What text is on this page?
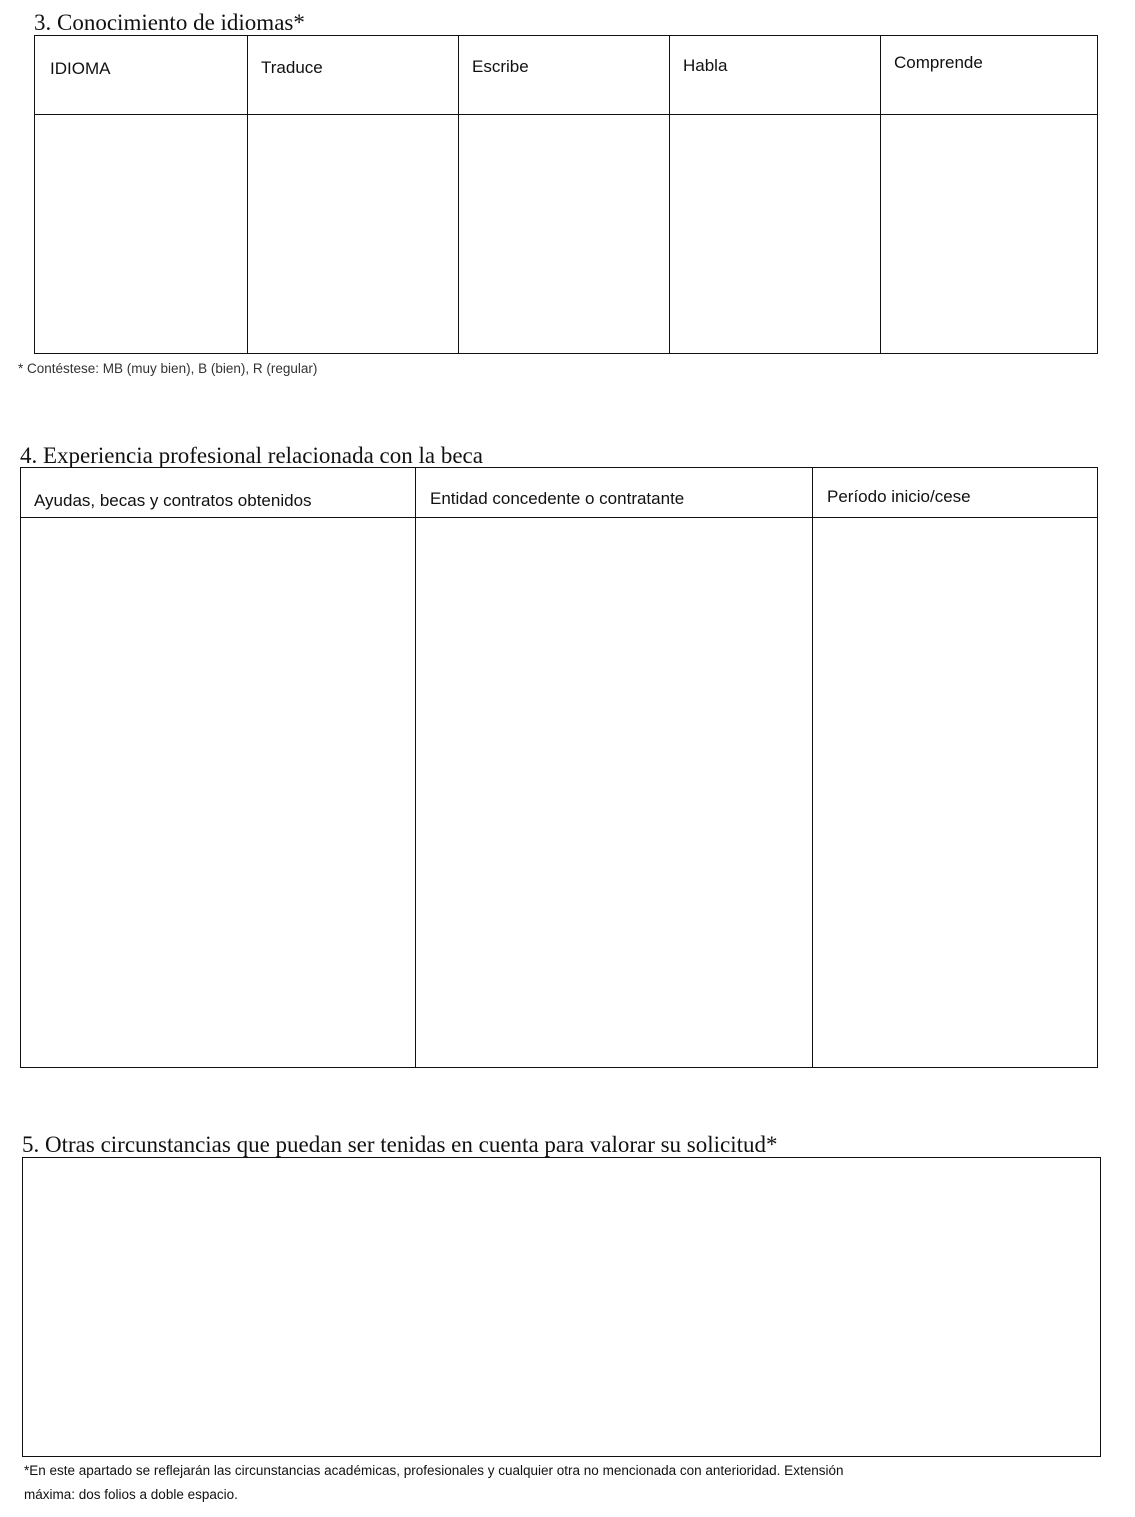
3. Conocimiento de idiomas*
IDIOMA	Traduce	Escribe	Habla	Comprende
* Contéstese: MB (muy bien), B (bien), R (regular)
4. Experiencia profesional relacionada con la beca
Ayudas, becas y contratos obtenidos	Entidad concedente o contratante	Período inicio/cese
5. Otras circunstancias que puedan ser tenidas en cuenta para valorar su solicitud*
*En este apartado se reflejarán las circunstancias académicas, profesionales y cualquier otra no mencionada con anterioridad. Extensión
máxima: dos folios a doble espacio.
